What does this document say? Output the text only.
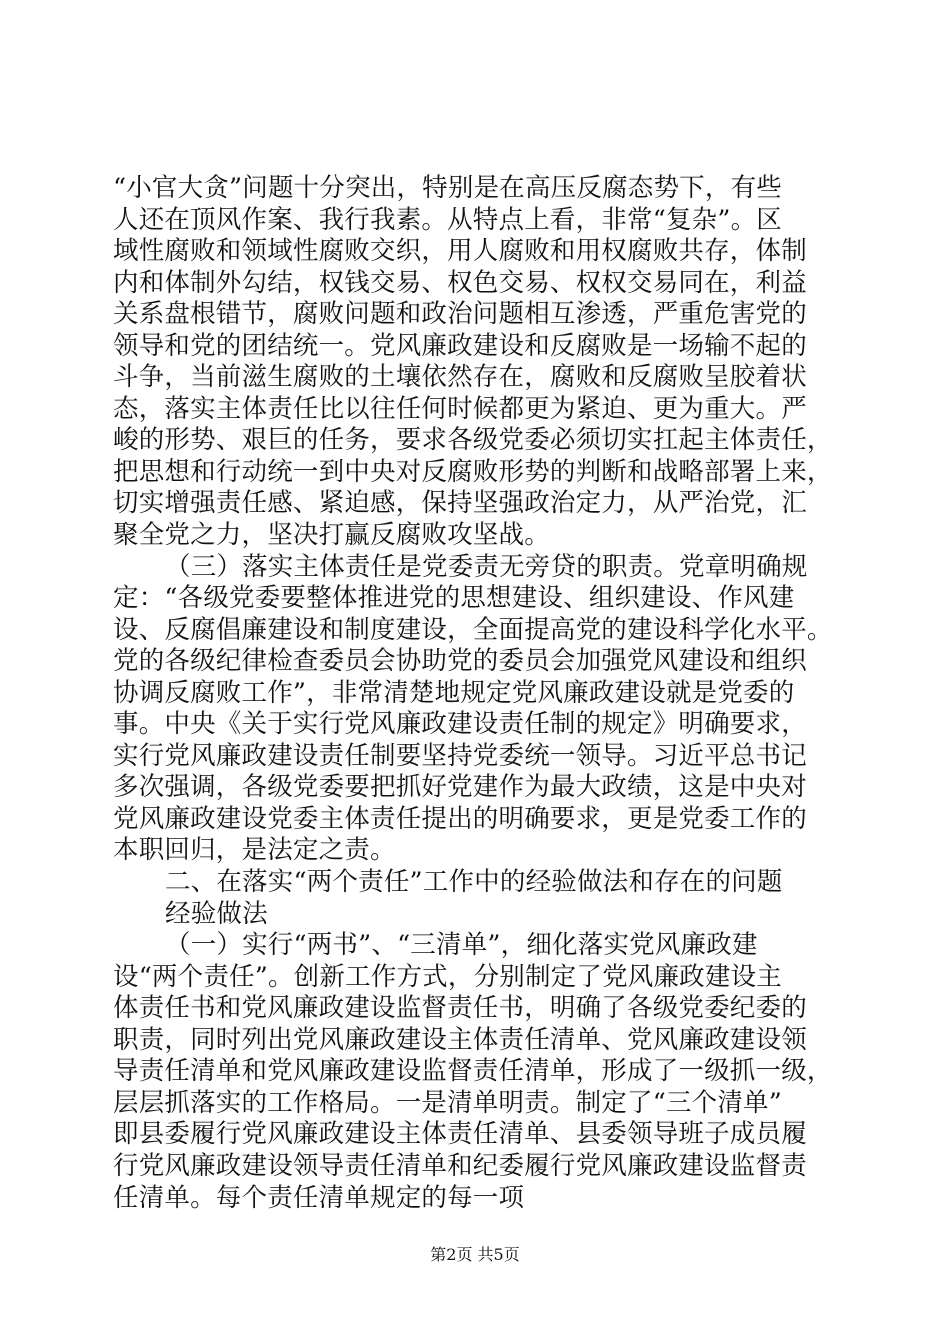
“小官大贪”问题十分突出，特别是在高压反腐态势下，有些
人还在顶风作案、我行我素。从特点上看，非常“复杂”。区
域性腐败和领域性腐败交织，用人腐败和用权腐败共存，体制
内和体制外勾结，权钱交易、权色交易、权权交易同在，利益
关系盘根错节，腐败问题和政治问题相互渗透，严重危害党的
领导和党的团结统一。党风廉政建设和反腐败是一场输不起的
斗争，当前滋生腐败的土壤依然存在，腐败和反腐败呈胶着状
态，落实主体责任比以往任何时候都更为紧迫、更为重大。严
峻的形势、艰巨的任务，要求各级党委必须切实扛起主体责任，
把思想和行动统一到中央对反腐败形势的判断和战略部署上来，
切实增强责任感、紧迫感，保持坚强政治定力，从严治党，汇
聚全党之力，坚决打赢反腐败攻坚战。
（三）落实主体责任是党委责无旁贷的职责。党章明确规
定：“各级党委要整体推进党的思想建设、组织建设、作风建
设、反腐倡廉建设和制度建设，全面提高党的建设科学化水平。
党的各级纪律检查委员会协助党的委员会加强党风建设和组织
协调反腐败工作”，非常清楚地规定党风廉政建设就是党委的
事。中央《关于实行党风廉政建设责任制的规定》明确要求，
实行党风廉政建设责任制要坚持党委统一领导。习近平总书记
多次强调，各级党委要把抓好党建作为最大政绩，这是中央对
党风廉政建设党委主体责任提出的明确要求，更是党委工作的
本职回归，是法定之责。
二、在落实“两个责任”工作中的经验做法和存在的问题
经验做法
（一）实行“两书”、“三清单”，细化落实党风廉政建
设“两个责任”。创新工作方式，分别制定了党风廉政建设主
体责任书和党风廉政建设监督责任书，明确了各级党委纪委的
职责，同时列出党风廉政建设主体责任清单、党风廉政建设领
导责任清单和党风廉政建设监督责任清单，形成了一级抓一级，
层层抓落实的工作格局。一是清单明责。制定了“三个清单”
即县委履行党风廉政建设主体责任清单、县委领导班子成员履
行党风廉政建设领导责任清单和纪委履行党风廉政建设监督责
任清单。每个责任清单规定的每一项
第2页 共5页
